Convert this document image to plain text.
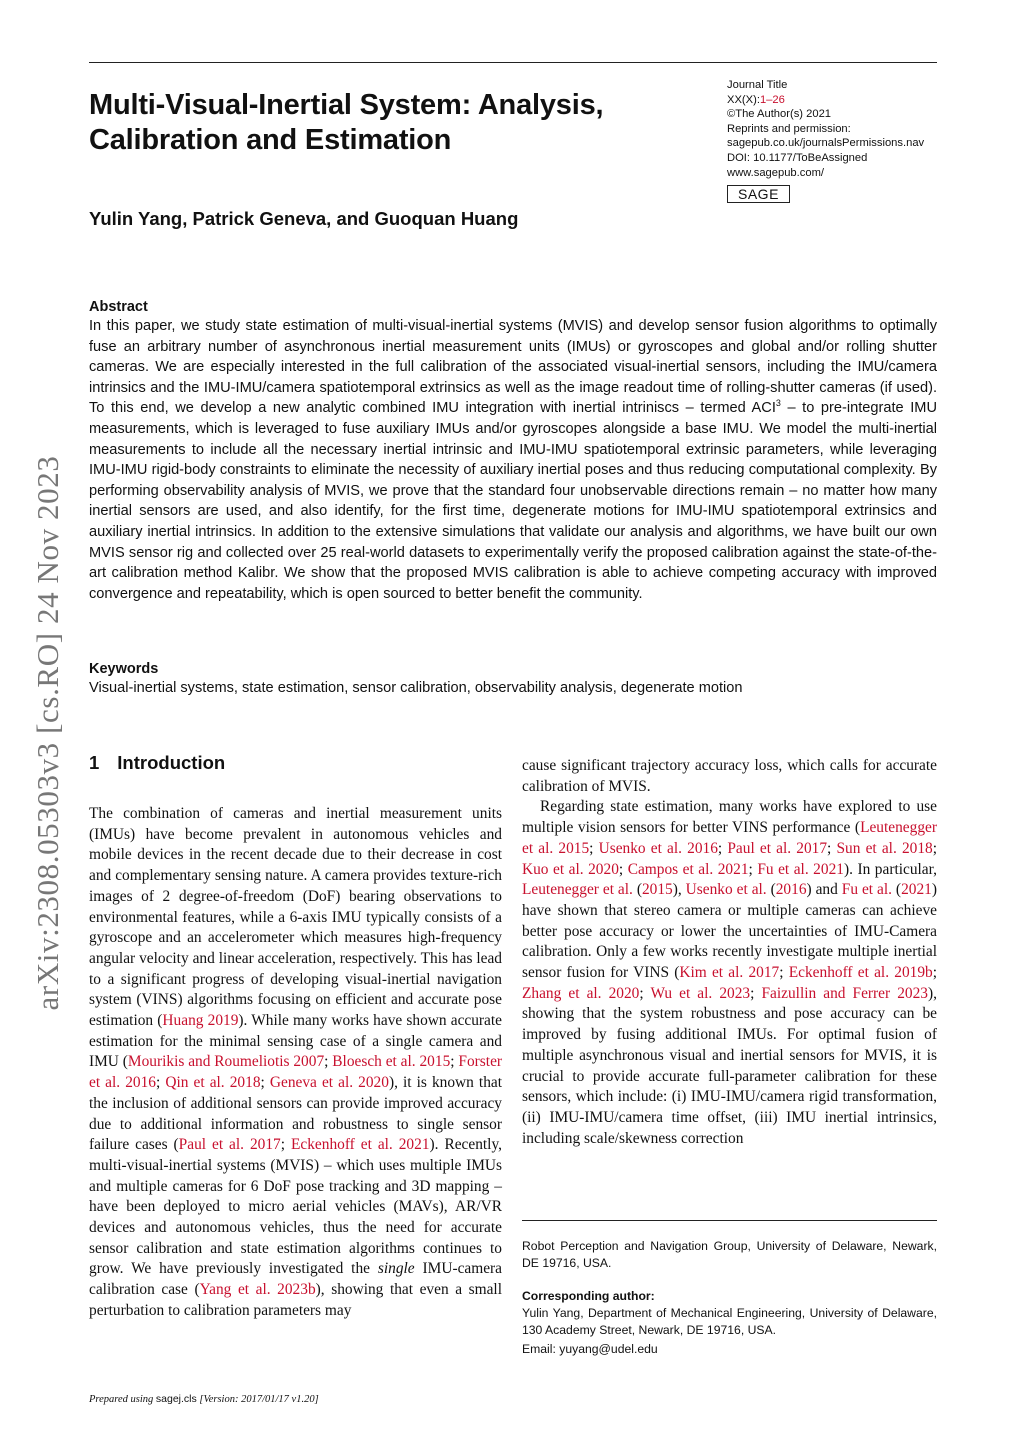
Multi-Visual-Inertial System: Analysis,
Calibration and Estimation
Journal Title
XX(X):1–26
©The Author(s) 2021
Reprints and permission:
sagepub.co.uk/journalsPermissions.nav
DOI: 10.1177/ToBeAssigned
www.sagepub.com/
SAGE
Yulin Yang, Patrick Geneva, and Guoquan Huang
arXiv:2308.05303v3 [cs.RO] 24 Nov 2023
Abstract
In this paper, we study state estimation of multi-visual-inertial systems (MVIS) and develop sensor fusion algorithms to optimally fuse an arbitrary number of asynchronous inertial measurement units (IMUs) or gyroscopes and global and/or rolling shutter cameras. We are especially interested in the full calibration of the associated visual-inertial sensors, including the IMU/camera intrinsics and the IMU-IMU/camera spatiotemporal extrinsics as well as the image readout time of rolling-shutter cameras (if used). To this end, we develop a new analytic combined IMU integration with inertial intriniscs – termed ACI$^3$ – to pre-integrate IMU measurements, which is leveraged to fuse auxiliary IMUs and/or gyroscopes alongside a base IMU. We model the multi-inertial measurements to include all the necessary inertial intrinsic and IMU-IMU spatiotemporal extrinsic parameters, while leveraging IMU-IMU rigid-body constraints to eliminate the necessity of auxiliary inertial poses and thus reducing computational complexity. By performing observability analysis of MVIS, we prove that the standard four unobservable directions remain – no matter how many inertial sensors are used, and also identify, for the first time, degenerate motions for IMU-IMU spatiotemporal extrinsics and auxiliary inertial intrinsics. In addition to the extensive simulations that validate our analysis and algorithms, we have built our own MVIS sensor rig and collected over 25 real-world datasets to experimentally verify the proposed calibration against the state-of-the-art calibration method Kalibr. We show that the proposed MVIS calibration is able to achieve competing accuracy with improved convergence and repeatability, which is open sourced to better benefit the community.
Keywords
Visual-inertial systems, state estimation, sensor calibration, observability analysis, degenerate motion
1 Introduction

The combination of cameras and inertial measurement units (IMUs) have become prevalent in autonomous vehicles and mobile devices in the recent decade due to their decrease in cost and complementary sensing nature. A camera provides texture-rich images of 2 degree-of-freedom (DoF) bearing observations to environmental features, while a 6-axis IMU typically consists of a gyroscope and an accelerometer which measures high-frequency angular velocity and linear acceleration, respectively. This has lead to a significant progress of developing visual-inertial navigation system (VINS) algorithms focusing on efficient and accurate pose estimation (Huang 2019). While many works have shown accurate estimation for the minimal sensing case of a single camera and IMU (Mourikis and Roumeliotis 2007; Bloesch et al. 2015; Forster et al. 2016; Qin et al. 2018; Geneva et al. 2020), it is known that the inclusion of additional sensors can provide improved accuracy due to additional information and robustness to single sensor failure cases (Paul et al. 2017; Eckenhoff et al. 2021). Recently, multi-visual-inertial systems (MVIS) – which uses multiple IMUs and multiple cameras for 6 DoF pose tracking and 3D mapping – have been deployed to micro aerial vehicles (MAVs), AR/VR devices and autonomous vehicles, thus the need for accurate sensor calibration and state estimation algorithms continues to grow. We have previously investigated the single IMU-camera calibration case (Yang et al. 2023b), showing that even a small perturbation to calibration parameters may

cause significant trajectory accuracy loss, which calls for accurate calibration of MVIS.

Regarding state estimation, many works have explored to use multiple vision sensors for better VINS performance (Leutenegger et al. 2015; Usenko et al. 2016; Paul et al. 2017; Sun et al. 2018; Kuo et al. 2020; Campos et al. 2021; Fu et al. 2021). In particular, Leutenegger et al. (2015), Usenko et al. (2016) and Fu et al. (2021) have shown that stereo camera or multiple cameras can achieve better pose accuracy or lower the uncertainties of IMU-Camera calibration. Only a few works recently investigate multiple inertial sensor fusion for VINS (Kim et al. 2017; Eckenhoff et al. 2019b; Zhang et al. 2020; Wu et al. 2023; Faizullin and Ferrer 2023), showing that the system robustness and pose accuracy can be improved by fusing additional IMUs. For optimal fusion of multiple asynchronous visual and inertial sensors for MVIS, it is crucial to provide accurate full-parameter calibration for these sensors, which include: (i) IMU-IMU/camera rigid transformation, (ii) IMU-IMU/camera time offset, (iii) IMU inertial intrinsics, including scale/skewness correction

Robot Perception and Navigation Group, University of Delaware, Newark, DE 19716, USA.
Corresponding author:
Yulin Yang, Department of Mechanical Engineering, University of Delaware, 130 Academy Street, Newark, DE 19716, USA.
Email: yuyang@udel.edu
Prepared using sagej.cls [Version: 2017/01/17 v1.20]
